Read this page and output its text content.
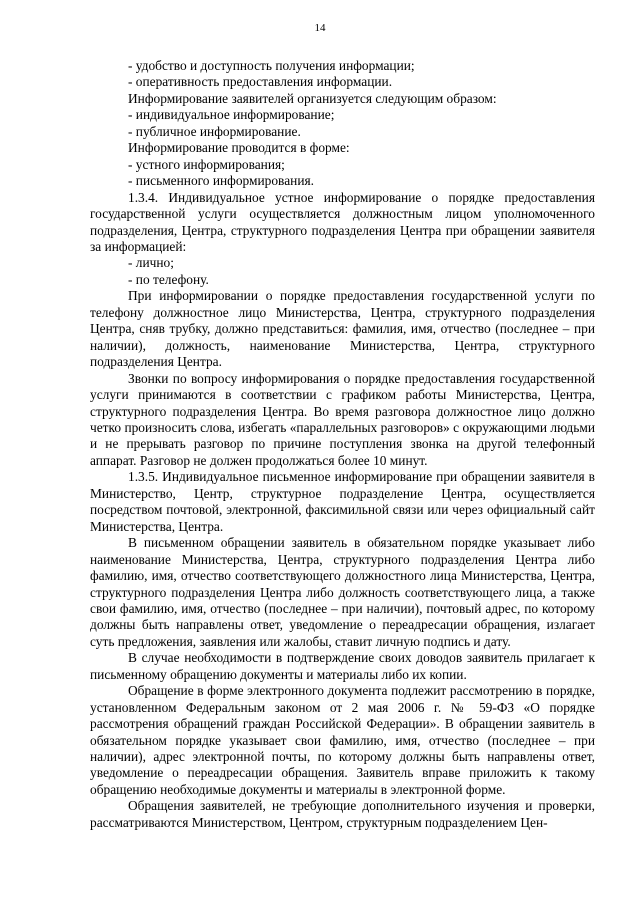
14

- удобство и доступность получения информации;

- оперативность предоставления информации.

Информирование заявителей организуется следующим образом:

- индивидуальное информирование;

- публичное информирование.

Информирование проводится в форме:

- устного информирования;

- письменного информирования.

1.3.4. Индивидуальное устное информирование о порядке предоставления государственной услуги осуществляется должностным лицом уполномоченного подразделения, Центра, структурного подразделения Центра при обращении заявителя за информацией:

- лично;

- по телефону.

При информировании о порядке предоставления государственной услуги по телефону должностное лицо Министерства, Центра, структурного подразделения Центра, сняв трубку, должно представиться: фамилия, имя, отчество (последнее – при наличии), должность, наименование Министерства, Центра, структурного подразделения Центра.

Звонки по вопросу информирования о порядке предоставления государственной услуги принимаются в соответствии с графиком работы Министерства, Центра, структурного подразделения Центра. Во время разговора должностное лицо должно четко произносить слова, избегать «параллельных разговоров» с окружающими людьми и не прерывать разговор по причине поступления звонка на другой телефонный аппарат. Разговор не должен продолжаться более 10 минут.

1.3.5. Индивидуальное письменное информирование при обращении заявителя в Министерство, Центр, структурное подразделение Центра, осуществляется посредством почтовой, электронной, факсимильной связи или через официальный сайт Министерства, Центра.

В письменном обращении заявитель в обязательном порядке указывает либо наименование Министерства, Центра, структурного подразделения Центра либо фамилию, имя, отчество соответствующего должностного лица Министерства, Центра, структурного подразделения Центра либо должность соответствующего лица, а также свои фамилию, имя, отчество (последнее – при наличии), почтовый адрес, по которому должны быть направлены ответ, уведомление о переадресации обращения, излагает суть предложения, заявления или жалобы, ставит личную подпись и дату.

В случае необходимости в подтверждение своих доводов заявитель прилагает к письменному обращению документы и материалы либо их копии.

Обращение в форме электронного документа подлежит рассмотрению в порядке, установленном Федеральным законом от 2 мая 2006 г. № 59-ФЗ «О порядке рассмотрения обращений граждан Российской Федерации». В обращении заявитель в обязательном порядке указывает свои фамилию, имя, отчество (последнее – при наличии), адрес электронной почты, по которому должны быть направлены ответ, уведомление о переадресации обращения. Заявитель вправе приложить к такому обращению необходимые документы и материалы в электронной форме.

Обращения заявителей, не требующие дополнительного изучения и проверки, рассматриваются Министерством, Центром, структурным подразделением Цен-
